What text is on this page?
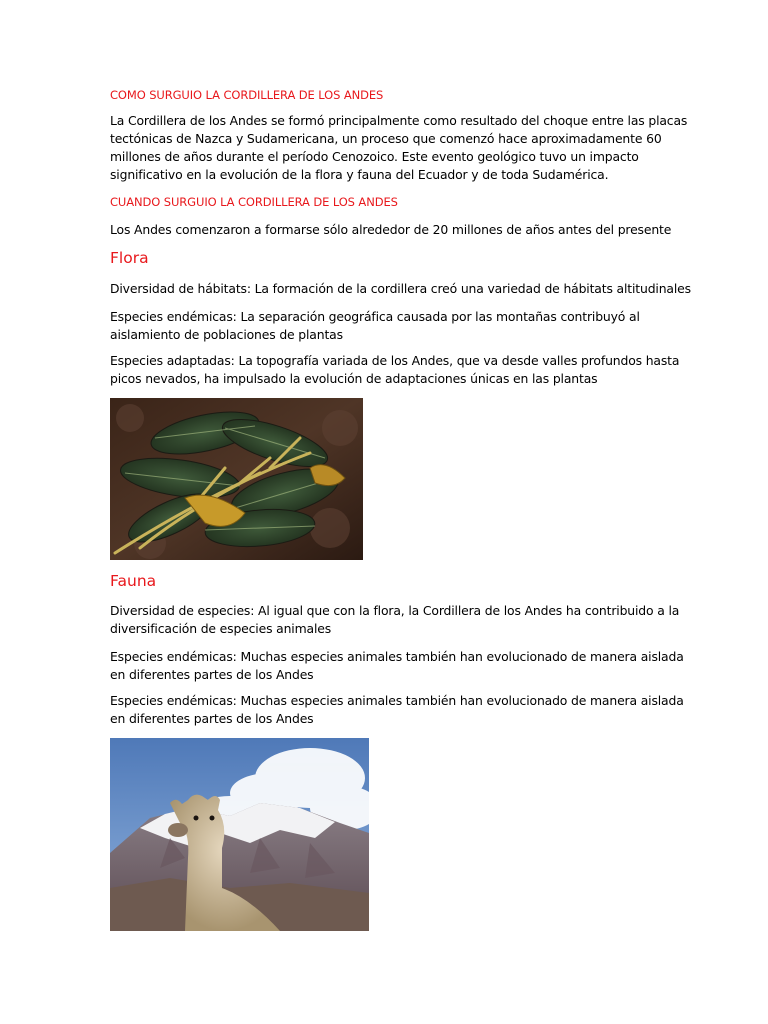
COMO SURGUIO LA CORDILLERA DE LOS ANDES
La Cordillera de los Andes se formó principalmente como resultado del choque entre las placas
tectónicas de Nazca y Sudamericana, un proceso que comenzó hace aproximadamente 60
millones de años durante el período Cenozoico. Este evento geológico tuvo un impacto
significativo en la evolución de la flora y fauna del Ecuador y de toda Sudamérica.
CUANDO SURGUIO LA CORDILLERA DE LOS ANDES
Los Andes comenzaron a formarse sólo alrededor de 20 millones de años antes del presente
Flora
Diversidad de hábitats: La formación de la cordillera creó una variedad de hábitats altitudinales
Especies endémicas: La separación geográfica causada por las montañas contribuyó al
aislamiento de poblaciones de plantas
Especies adaptadas: La topografía variada de los Andes, que va desde valles profundos hasta
picos nevados, ha impulsado la evolución de adaptaciones únicas en las plantas
Fauna
Diversidad de especies: Al igual que con la flora, la Cordillera de los Andes ha contribuido a la
diversificación de especies animales
Especies endémicas: Muchas especies animales también han evolucionado de manera aislada
en diferentes partes de los Andes
Especies endémicas: Muchas especies animales también han evolucionado de manera aislada
en diferentes partes de los Andes
